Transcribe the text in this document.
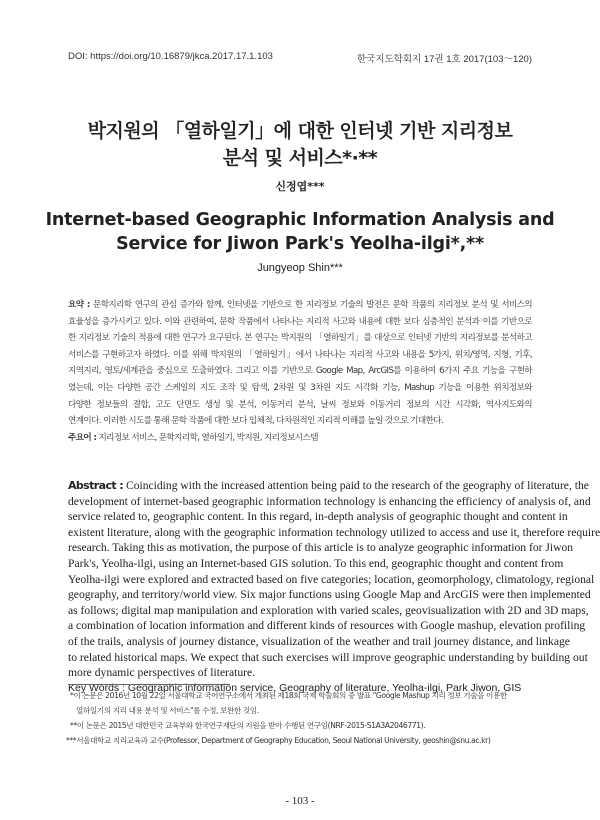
DOI: https://doi.org/10.16879/jkca.2017.17.1.103	한국지도학회지 17권 1호 2017(103～120)
박지원의 「열하일기」에 대한 인터넷 기반 지리정보
분석 및 서비스*·**
신정엽***
Internet-based Geographic Information Analysis and
Service for Jiwon Park's Yeolha-ilgi*,**
Jungyeop Shin***
요약 : 문학지리학 연구의 관심 증가와 함께, 인터넷을 기반으로 한 지리정보 기술의 발전은 문학 작품의 지리정보 분석 및 서비스의
효율성을 증가시키고 있다. 이와 관련하여, 문학 작품에서 나타나는 지리적 사고와 내용에 대한 보다 심층적인 분석과 이를 기반으로
한 지리정보 기술의 적용에 대한 연구가 요구된다. 본 연구는 박지원의 「열하일기」를 대상으로 인터넷 기반의 지리정보를 분석하고
서비스를 구현하고자 하였다. 이를 위해 박지원의 「열하일기」에서 나타나는 지리적 사고와 내용을 5가지, 위치/영역, 지형, 기후,
지역지리, 영토/세계관을 중심으로 도출하였다. 그리고 이를 기반으로 Google Map, ArcGIS를 이용하여 6가지 주요 기능을 구현하
였는데, 이는 다양한 공간 스케일의 지도 조작 및 탐색, 2차원 및 3차원 지도 시각화 기능, Mashup 기능을 이용한 위치정보와
다양한 정보들의 결합, 고도 단면도 생성 및 분석, 이동거리 분석, 날씨 정보와 이동거리 정보의 시간 시각화, 역사지도와의
연계이다. 이러한 시도를 통해 문학 작품에 대한 보다 입체적, 다차원적인 지리적 이해를 높일 것으로 기대한다.
주요어 : 지리정보 서비스, 문학지리학, 열하일기, 박지원, 지리정보시스템
Abstract : Coinciding with the increased attention being paid to the research of the geography of literature, the
development of internet-based geographic information technology is enhancing the efficiency of analysis of, and
service related to, geographic content. In this regard, in-depth analysis of geographic thought and content in
existent literature, along with the geographic information technology utilized to access and use it, therefore require
research. Taking this as motivation, the purpose of this article is to analyze geographic information for Jiwon
Park's, Yeolha-ilgi, using an Internet-based GIS solution. To this end, geographic thought and content from
Yeolha-ilgi were explored and extracted based on five categories; location, geomorphology, climatology, regional
geography, and territory/world view. Six major functions using Google Map and ArcGIS were then implemented
as follows; digital map manipulation and exploration with varied scales, geovisualization with 2D and 3D maps,
a combination of location information and different kinds of resources with Google mashup, elevation profiling
of the trails, analysis of journey distance, visualization of the weather and trail journey distance, and linkage
to related historical maps. We expect that such exercises will improve geographic understanding by building out
more dynamic perspectives of literature.
Key Words : Geographic information service, Geography of literature, Yeolha-ilgi, Park Jiwon, GIS
*이 논문은 2016년 10월 22일 서울대학교 국어연구소에서 개최된 제18회 국제 학술회의 중 발표 "Google Mashup 지리 정보 기술을 이용한
열하일기의 지리 내용 분석 및 서비스"를 수정, 보완한 것임.
**이 논문은 2015년 대한민국 교육부와 한국연구재단의 지원을 받아 수행된 연구임(NRF-2015-S1A3A2046771).
***서울대학교 지리교육과 교수(Professor, Department of Geography Education, Seoul National University, geoshin@snu.ac.kr)
- 103 -
